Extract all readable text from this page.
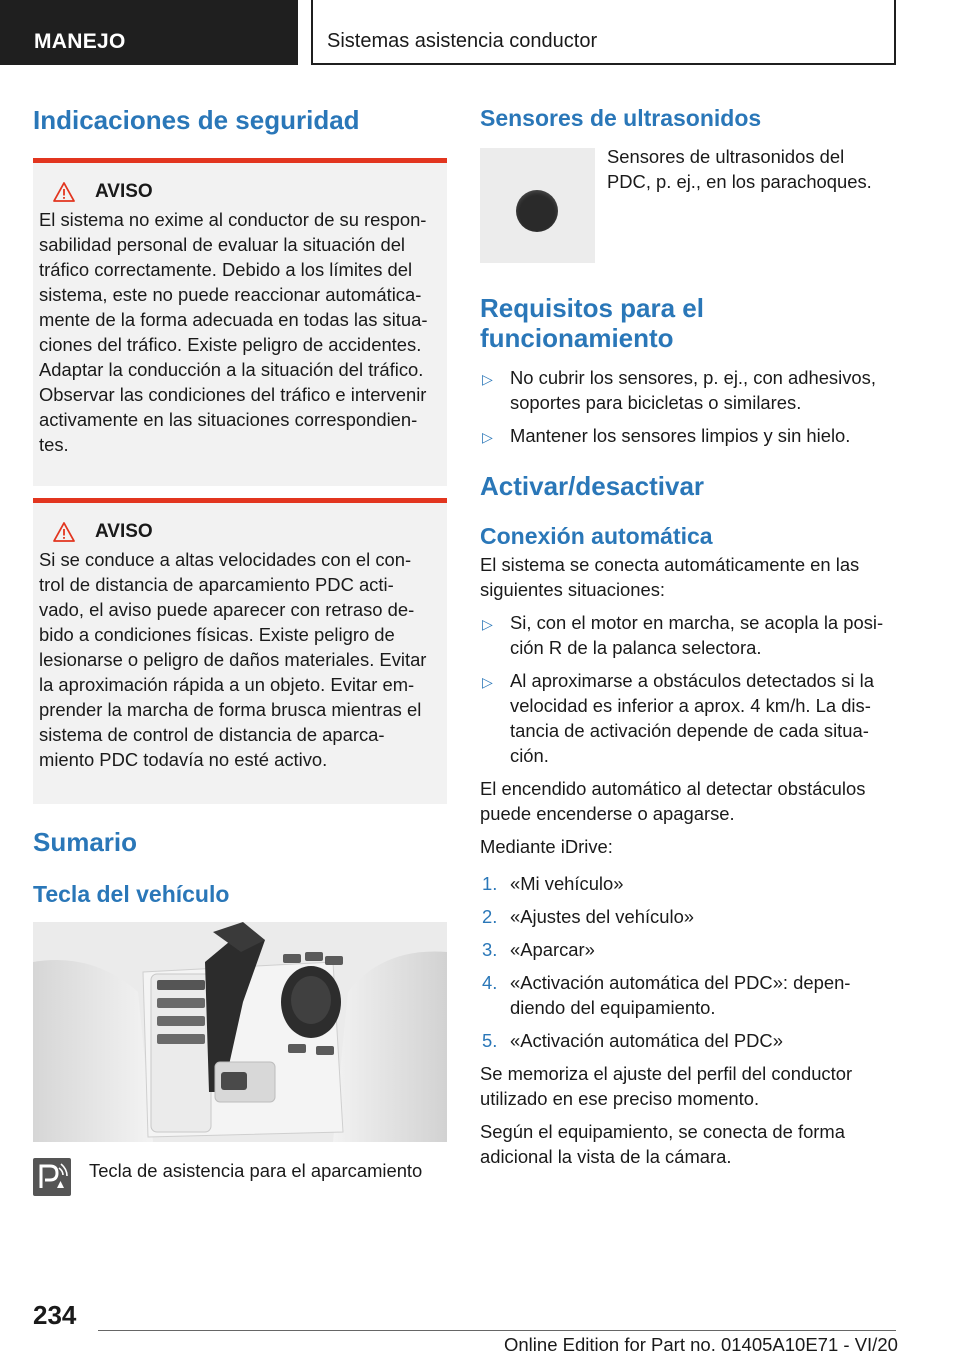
MANEJO	Sistemas asistencia conductor
Indicaciones de seguridad
AVISO

El sistema no exime al conductor de su respon-

sabilidad personal de evaluar la situación del

tráfico correctamente. Debido a los límites del

sistema, este no puede reaccionar automática-

mente de la forma adecuada en todas las situa-

ciones del tráfico. Existe peligro de accidentes.

Adaptar la conducción a la situación del tráfico.

Observar las condiciones del tráfico e intervenir

activamente en las situaciones correspondien-

tes.

AVISO

Si se conduce a altas velocidades con el con-

trol de distancia de aparcamiento PDC acti-

vado, el aviso puede aparecer con retraso de-

bido a condiciones físicas. Existe peligro de

lesionarse o peligro de daños materiales. Evitar

la aproximación rápida a un objeto. Evitar em-

prender la marcha de forma brusca mientras el

sistema de control de distancia de aparca-

miento PDC todavía no esté activo.

Sumario
Tecla del vehículo

Tecla de asistencia para el aparcamiento

Sensores de ultrasonidos

Sensores de ultrasonidos del

PDC, p. ej., en los parachoques.

Requisitos para el
funcionamiento
▷ No cubrir los sensores, p. ej., con adhesivos,

soportes para bicicletas o similares.

▷ Mantener los sensores limpios y sin hielo.

Activar/desactivar
Conexión automática

El sistema se conecta automáticamente en las

siguientes situaciones:

▷ Si, con el motor en marcha, se acopla la posi-

ción R de la palanca selectora.

▷ Al aproximarse a obstáculos detectados si la

velocidad es inferior a aprox. 4 km/h. La dis-

tancia de activación depende de cada situa-

ción.

El encendido automático al detectar obstáculos

puede encenderse o apagarse.

Mediante iDrive:

1. «Mi vehículo»

2. «Ajustes del vehículo»

3. «Aparcar»

4. «Activación automática del PDC»: depen-

diendo del equipamiento.

5. «Activación automática del PDC»

Se memoriza el ajuste del perfil del conductor

utilizado en ese preciso momento.

Según el equipamiento, se conecta de forma

adicional la vista de la cámara.

234
Online Edition for Part no. 01405A10E71 - VI/20
